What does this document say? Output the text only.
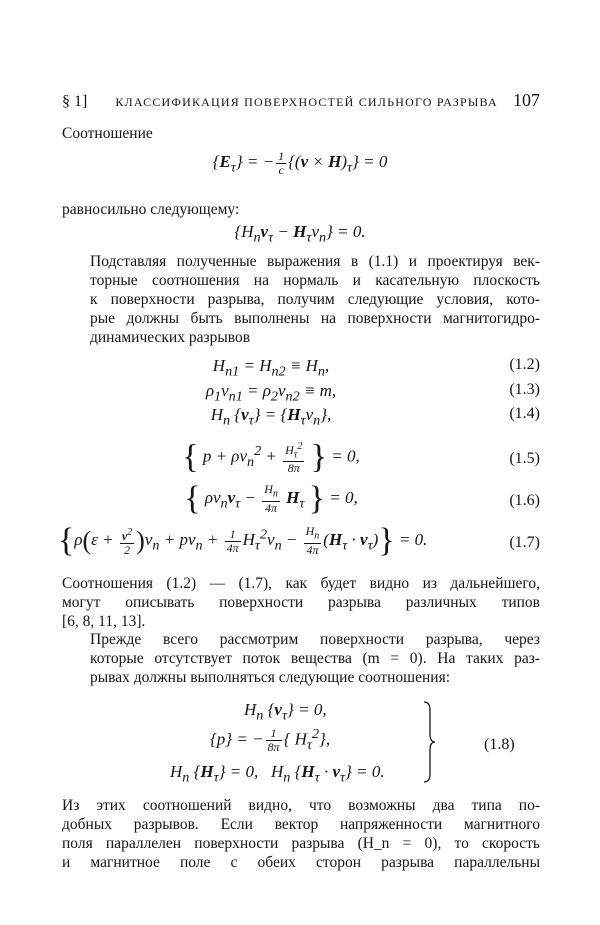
§ 1] КЛАССИФИКАЦИЯ ПОВЕРХНОСТЕЙ СИЛЬНОГО РАЗРЫВА 107
Соотношение
$\{E_\tau\}$ = − $\frac{1}{c} \{(v \times H)_\tau\} = 0$
равносильно следующему:
$\{H_nv_\tau - H_\tau v_n\} = 0$.
Подставляя полученные выражения в (1.1) и проектируя век-
торные соотношения на нормаль и касательную плоскость
к поверхности разрыва, получим следующие условия, кото-
рые должны быть выполнены на поверхности магнитогидро-
динамических разрывов
$H_{n1} = H_{n2} \equiv H_n$,	(1.2)
$\rho_1v_{n1} = \rho_2v_{n2} \equiv m$,	(1.3)
$H_n$ $\{v_\tau\} = \{H_\tau v_n\}$,	(1.4)
{ $p + \rho v_n^2 + \frac{H_\tau^2}{8\pi}$ } = 0,	(1.5)
{ $\rho v_nv_\tau - \frac{H_n}{4\pi} H_\tau$ } = 0,	(1.6)
$\{\rho(\varepsilon + \frac{v^2}{2} )v_n + pv_n + \frac{1}{4\pi} H_\tau^2v_n - \frac{H_n}{4\pi} (H_\tau \cdot v_\tau)\} = 0$.	(1.7)
Соотношения (1.2) — (1.7), как будет видно из дальнейшего,
могут описывать поверхности разрыва различных типов
[6, 8, 11, 13].
Прежде всего рассмотрим поверхности разрыва, через
которые отсутствует поток вещества (m = 0). На таких раз-
рывах должны выполняться следующие соотношения:
$H_n$ $\{v_\tau\} = 0$,
{p} = − $\frac{1}{8\pi}$ { $H_\tau^2$},
$H_n$ $\{H_\tau\} = 0$,   $H_n$ $\{H_\tau \cdot v_\tau\} = 0$.
(1.8)
Из этих соотношений видно, что возможны два типа по-
добных разрывов. Если вектор напряженности магнитного
поля параллелен поверхности разрыва (H_n = 0), то скорость
и магнитное поле с обеих сторон разрыва параллельны
